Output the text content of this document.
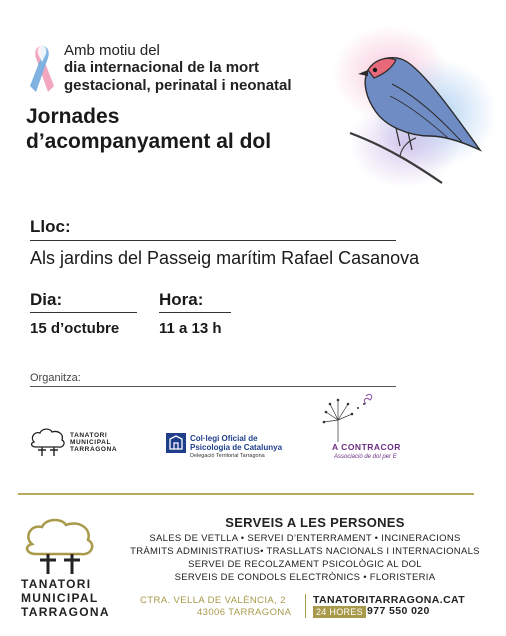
Amb motiu del
dia internacional de la mort
gestacional, perinatal i neonatal
Jornades
d’acompanyament al dol
Lloc:
Als jardins del Passeig marítim Rafael Casanova
Dia:
15 d’octubre
Hora:
11 a 13 h
Organitza:
TANATORI
MUNICIPAL
TARRAGONA
Col·legi Oficial de
Psicologia de Catalunya
Delegació Territorial Tarragona
A CONTRACOR
Associació de dol per E
TANATORI
MUNICIPAL
TARRAGONA
SERVEIS A LES PERSONES
SALES DE VETLLA • SERVEI D’ENTERRAMENT • INCINERACIONS
TRÀMITS ADMINISTRATIUS• TRASLLATS NACIONALS I INTERNACIONALS
SERVEI DE RECOLZAMENT PSICOLÒGIC AL DOL
SERVEIS DE CONDOLS ELECTRÒNICS • FLORISTERIA
CTRA. VELLA DE VALÈNCIA, 2
43006 TARRAGONA
TANATORITARRAGONA.CAT
24 HORES 977 550 020
